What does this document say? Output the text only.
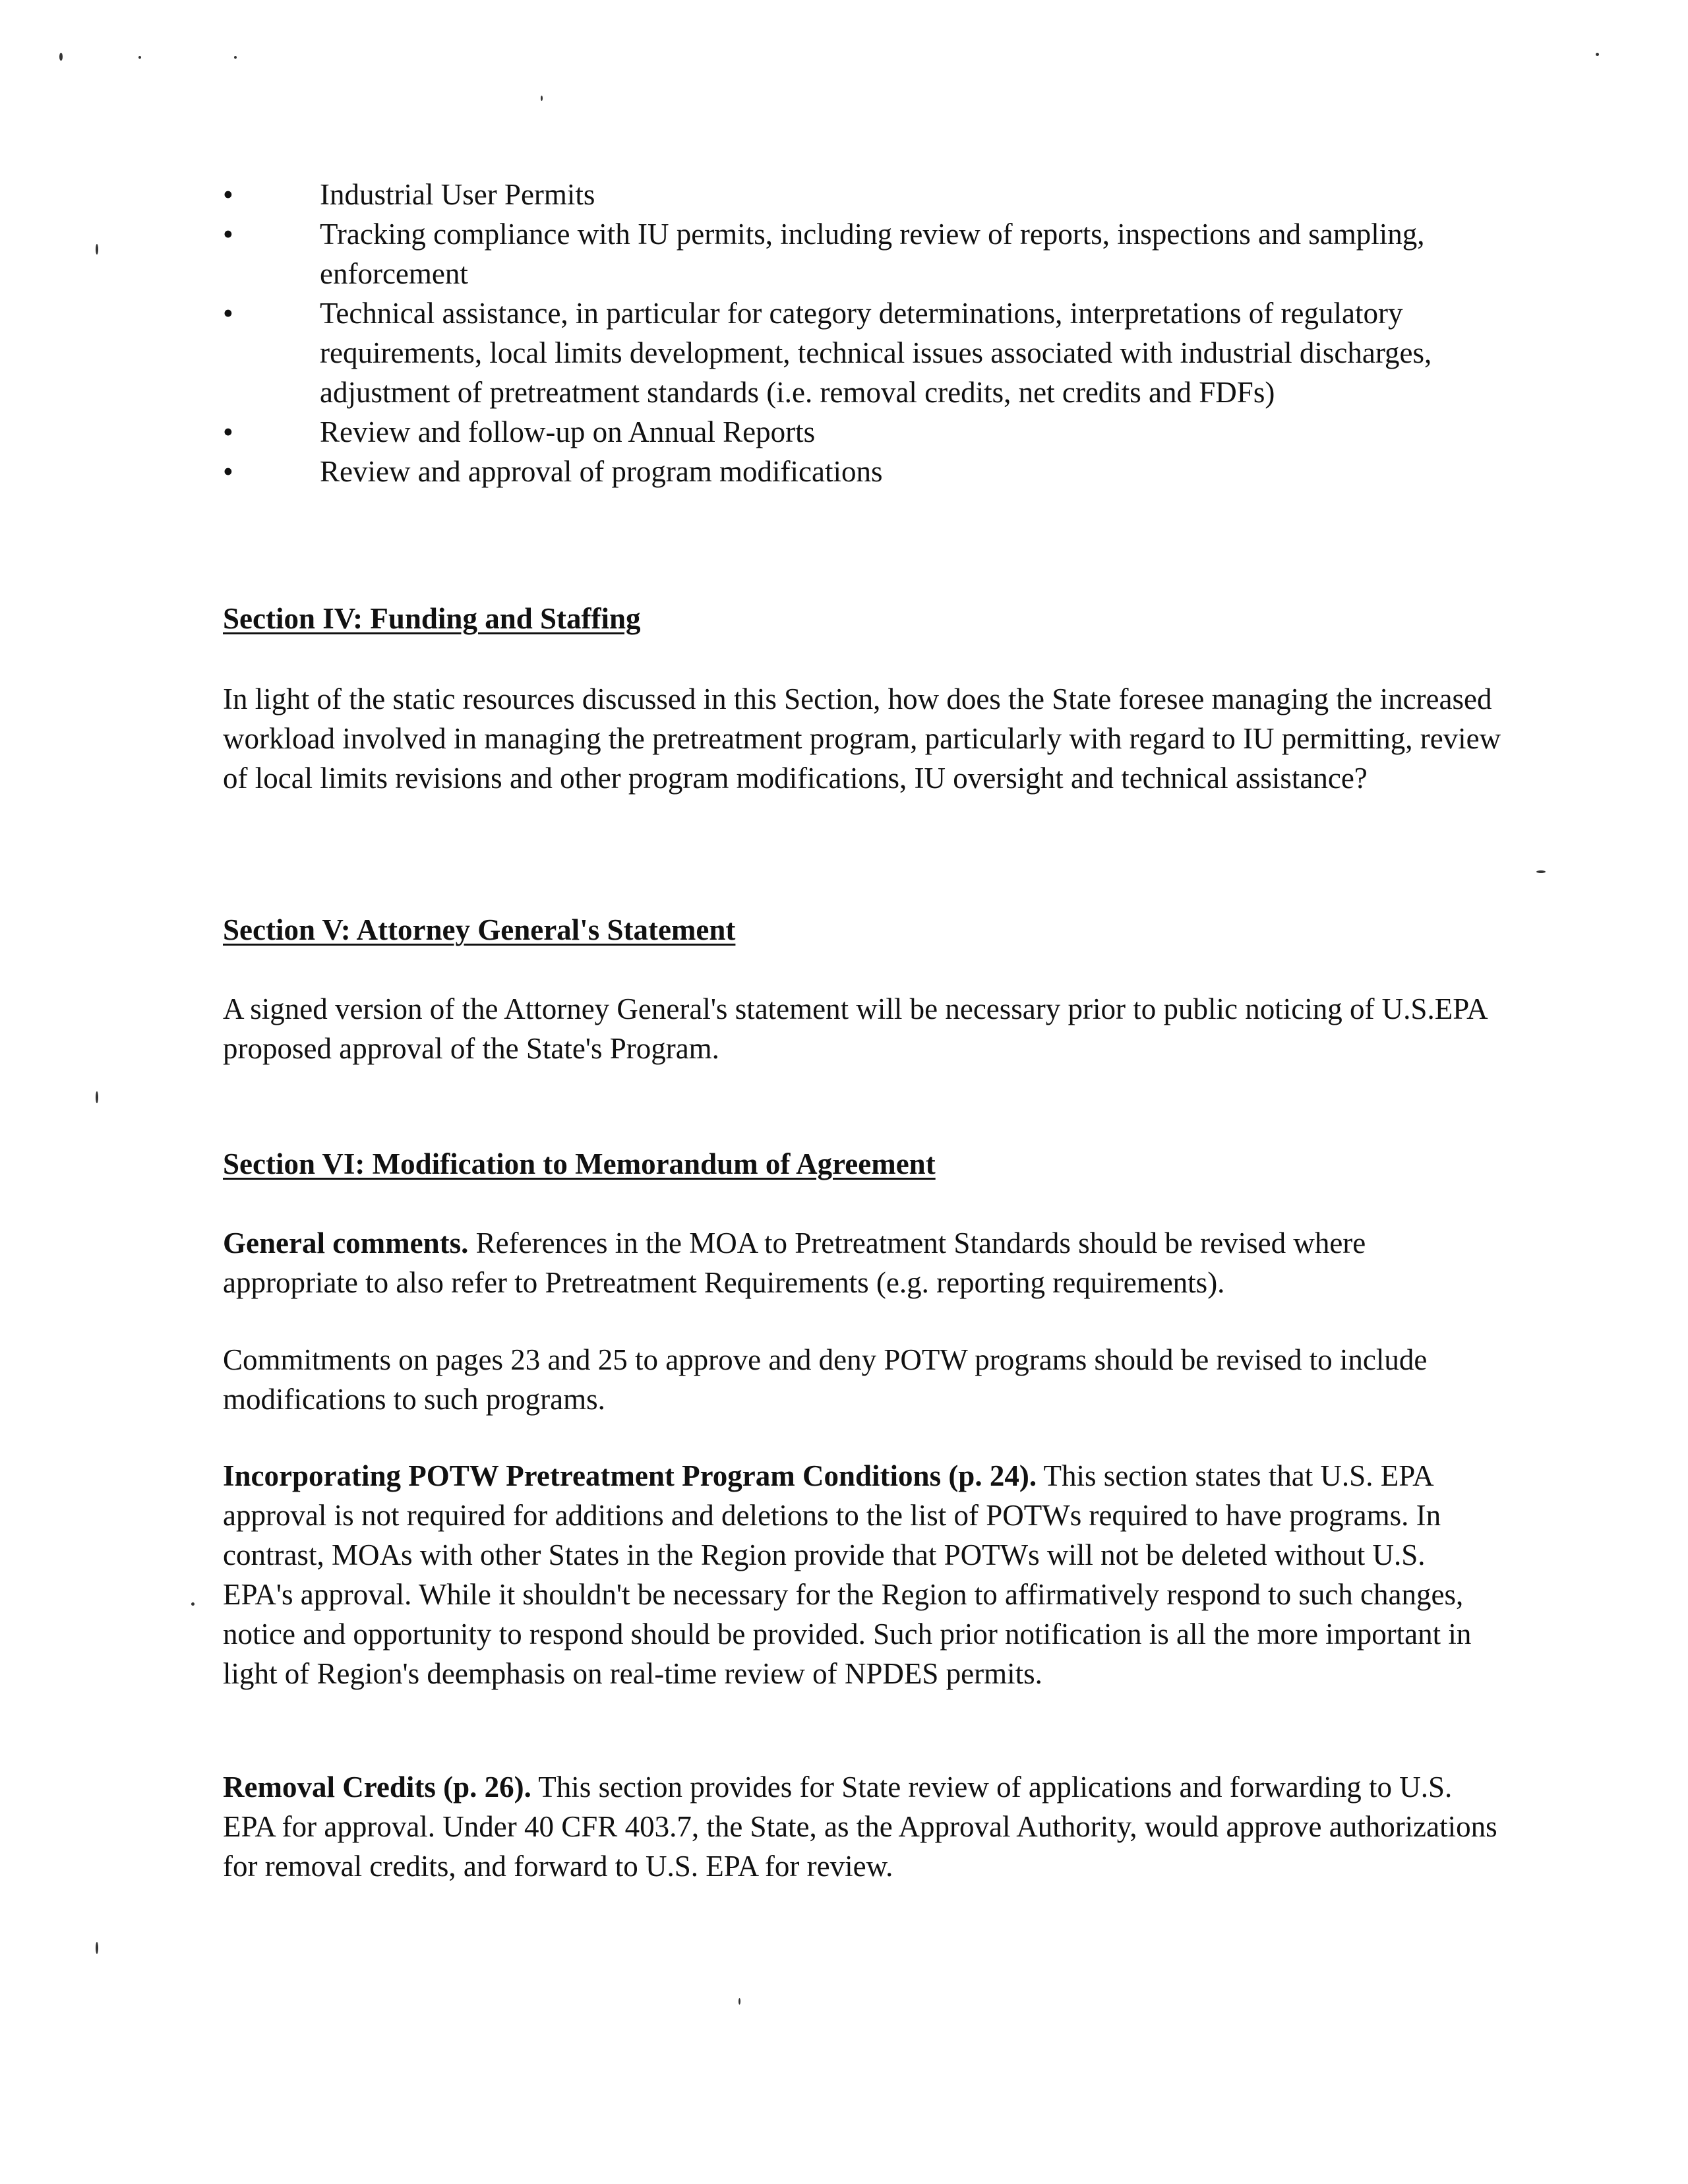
•	Industrial User Permits
•	Tracking compliance with IU permits, including review of reports, inspections and sampling, enforcement
•	Technical assistance, in particular for category determinations, interpretations of regulatory requirements, local limits development, technical issues associated with industrial discharges, adjustment of pretreatment standards (i.e. removal credits, net credits and FDFs)
•	Review and follow-up on Annual Reports
•	Review and approval of program modifications
Section IV: Funding and Staffing

In light of the static resources discussed in this Section, how does the State foresee managing the increased workload involved in managing the pretreatment program, particularly with regard to IU permitting, review of local limits revisions and other program modifications, IU oversight and technical assistance?

Section V: Attorney General's Statement

A signed version of the Attorney General's statement will be necessary prior to public noticing of U.S.EPA proposed approval of the State's Program.

Section VI: Modification to Memorandum of Agreement

General comments. References in the MOA to Pretreatment Standards should be revised where appropriate to also refer to Pretreatment Requirements (e.g. reporting requirements).

Commitments on pages 23 and 25 to approve and deny POTW programs should be revised to include modifications to such programs.

Incorporating POTW Pretreatment Program Conditions (p. 24). This section states that U.S. EPA approval is not required for additions and deletions to the list of POTWs required to have programs. In contrast, MOAs with other States in the Region provide that POTWs will not be deleted without U.S. EPA's approval. While it shouldn't be necessary for the Region to affirmatively respond to such changes, notice and opportunity to respond should be provided. Such prior notification is all the more important in light of Region's deemphasis on real-time review of NPDES permits.

Removal Credits (p. 26). This section provides for State review of applications and forwarding to U.S. EPA for approval. Under 40 CFR 403.7, the State, as the Approval Authority, would approve authorizations for removal credits, and forward to U.S. EPA for review.
